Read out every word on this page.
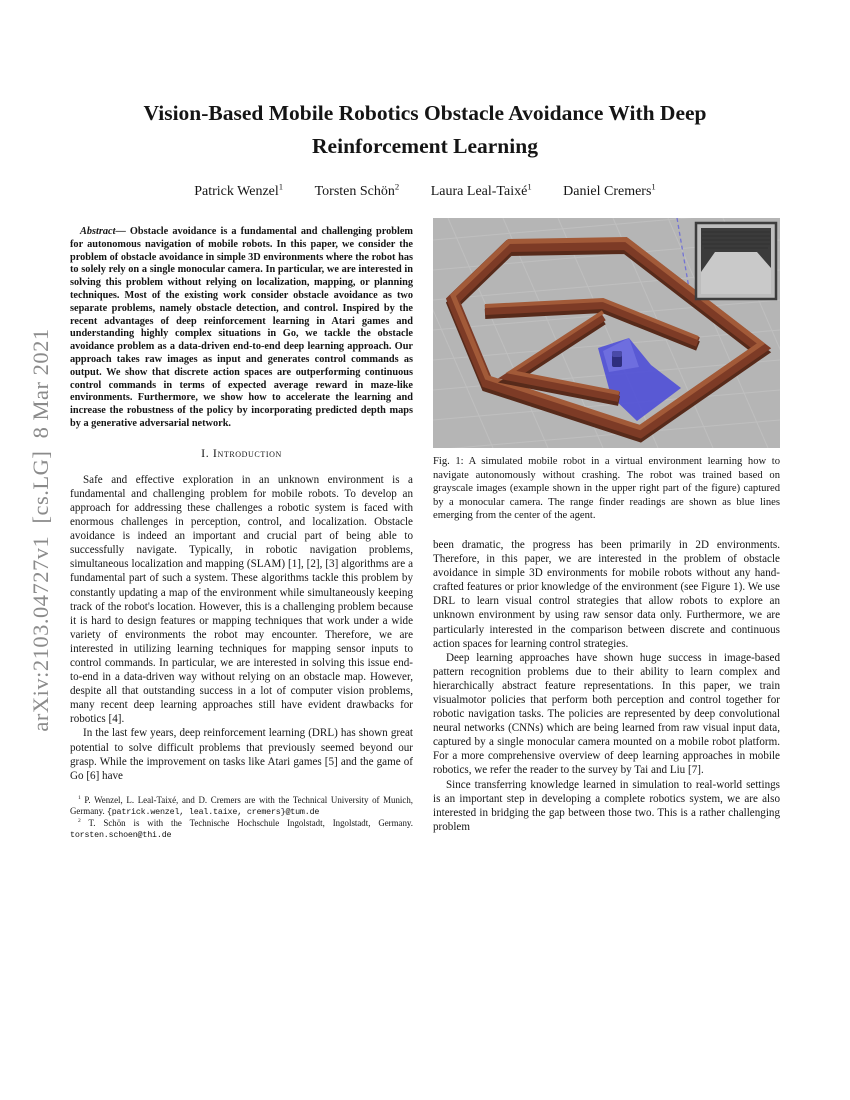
arXiv:2103.04727v1  [cs.LG]  8 Mar 2021
Vision-Based Mobile Robotics Obstacle Avoidance With Deep Reinforcement Learning
Patrick Wenzel$^1$ Torsten Schön$^2$ Laura Leal-Taixé$^1$ Daniel Cremers$^1$
Abstract— Obstacle avoidance is a fundamental and challenging problem for autonomous navigation of mobile robots. In this paper, we consider the problem of obstacle avoidance in simple 3D environments where the robot has to solely rely on a single monocular camera. In particular, we are interested in solving this problem without relying on localization, mapping, or planning techniques. Most of the existing work consider obstacle avoidance as two separate problems, namely obstacle detection, and control. Inspired by the recent advantages of deep reinforcement learning in Atari games and understanding highly complex situations in Go, we tackle the obstacle avoidance problem as a data-driven end-to-end deep learning approach. Our approach takes raw images as input and generates control commands as output. We show that discrete action spaces are outperforming continuous control commands in terms of expected average reward in maze-like environments. Furthermore, we show how to accelerate the learning and increase the robustness of the policy by incorporating predicted depth maps by a generative adversarial network.
I. Introduction

Safe and effective exploration in an unknown environment is a fundamental and challenging problem for mobile robots. To develop an approach for addressing these challenges a robotic system is faced with enormous challenges in perception, control, and localization. Obstacle avoidance is indeed an important and crucial part of being able to successfully navigate. Typically, in robotic navigation problems, simultaneous localization and mapping (SLAM) [1], [2], [3] algorithms are a fundamental part of such a system. These algorithms tackle this problem by constantly updating a map of the environment while simultaneously keeping track of the robot's location. However, this is a challenging problem because it is hard to design features or mapping techniques that work under a wide variety of environments the robot may encounter. Therefore, we are interested in utilizing learning techniques for mapping sensor inputs to control commands. In particular, we are interested in solving this issue end-to-end in a data-driven way without relying on an obstacle map. However, despite all that outstanding success in a lot of computer vision problems, many recent deep learning approaches still have evident drawbacks for robotics [4].

In the last few years, deep reinforcement learning (DRL) has shown great potential to solve difficult problems that previously seemed beyond our grasp. While the improvement on tasks like Atari games [5] and the game of Go [6] have

$^1$ P. Wenzel, L. Leal-Taixé, and D. Cremers are with the Technical University of Munich, Germany. {patrick.wenzel, leal.taixe, cremers}@tum.de

$^2$ T. Schön is with the Technische Hochschule Ingolstadt, Ingolstadt, Germany. torsten.schoen@thi.de

Fig. 1: A simulated mobile robot in a virtual environment learning how to navigate autonomously without crashing. The robot was trained based on grayscale images (example shown in the upper right part of the figure) captured by a monocular camera. The range finder readings are shown as blue lines emerging from the center of the agent.

been dramatic, the progress has been primarily in 2D environments. Therefore, in this paper, we are interested in the problem of obstacle avoidance in simple 3D environments for mobile robots without any hand-crafted features or prior knowledge of the environment (see Figure 1). We use DRL to learn visual control strategies that allow robots to explore an unknown environment by using raw sensor data only. Furthermore, we are particularly interested in the comparison between discrete and continuous action spaces for learning control strategies.

Deep learning approaches have shown huge success in image-based pattern recognition problems due to their ability to learn complex and hierarchically abstract feature representations. In this paper, we train visualmotor policies that perform both perception and control together for robotic navigation tasks. The policies are represented by deep convolutional neural networks (CNNs) which are being learned from raw visual input data, captured by a single monocular camera mounted on a mobile robot platform. For a more comprehensive overview of deep learning approaches in mobile robotics, we refer the reader to the survey by Tai and Liu [7].

Since transferring knowledge learned in simulation to real-world settings is an important step in developing a complete robotics system, we are also interested in bridging the gap between those two. This is a rather challenging problem
